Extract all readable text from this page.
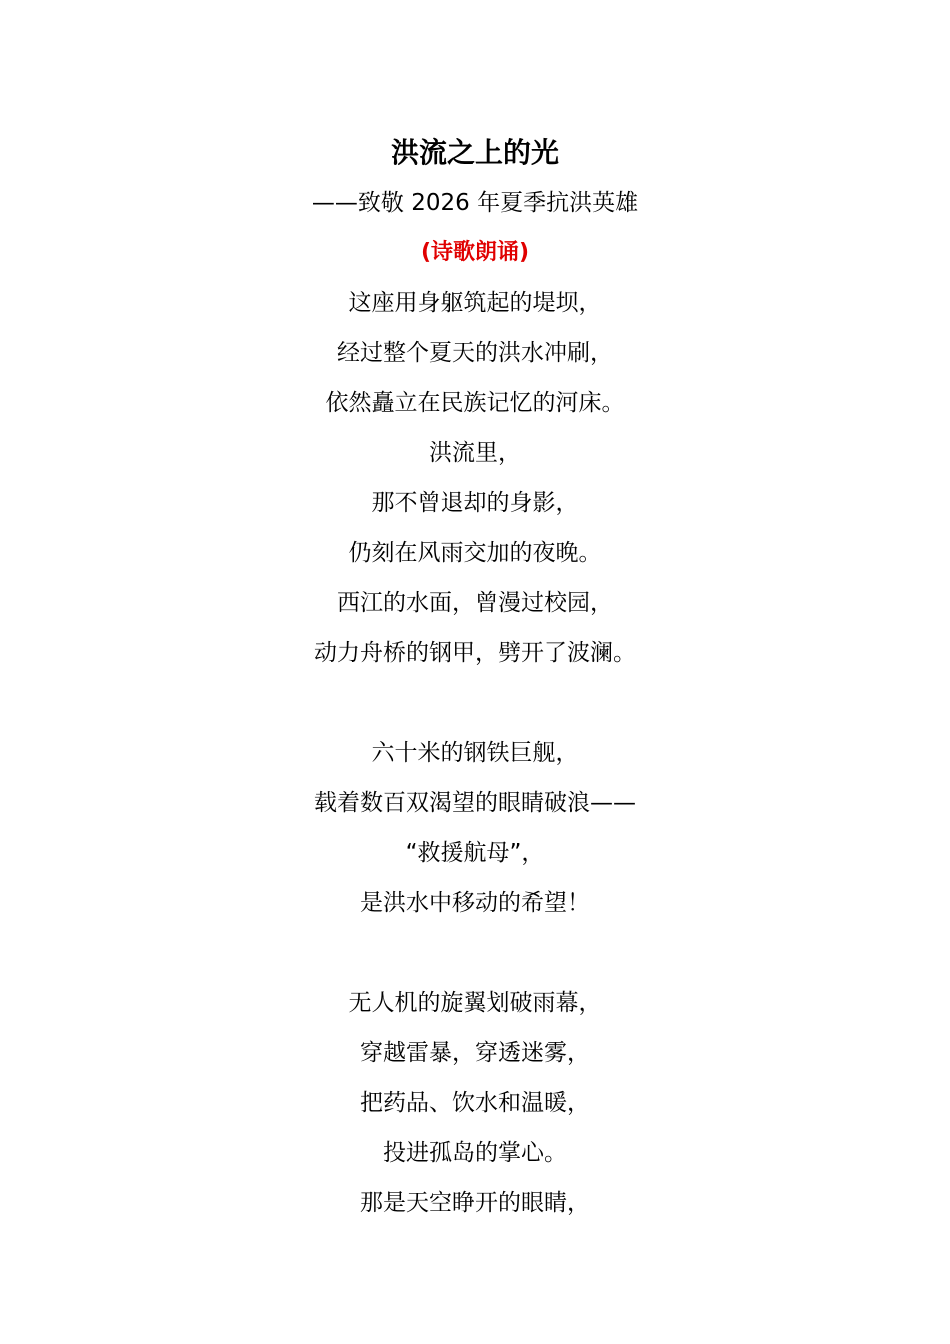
洪流之上的光
——致敬 2026 年夏季抗洪英雄
(诗歌朗诵)
这座用身躯筑起的堤坝，
经过整个夏天的洪水冲刷，
依然矗立在民族记忆的河床。
洪流里，
那不曾退却的身影，
仍刻在风雨交加的夜晚。
西江的水面，曾漫过校园，
动力舟桥的钢甲，劈开了波澜。
六十米的钢铁巨舰，
载着数百双渴望的眼睛破浪——
“救援航母”，
是洪水中移动的希望！
无人机的旋翼划破雨幕，
穿越雷暴，穿透迷雾，
把药品、饮水和温暖，
投进孤岛的掌心。
那是天空睁开的眼睛，
